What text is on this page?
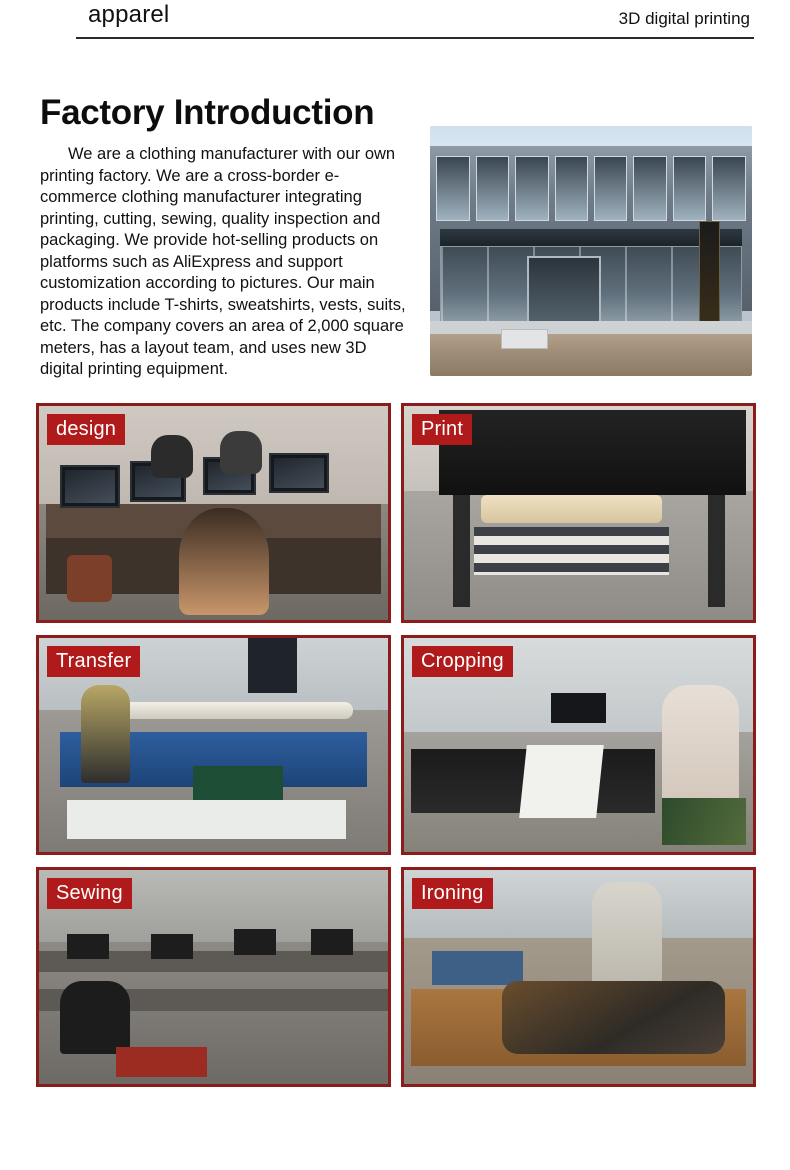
apparel	3D digital printing
Factory Introduction

We are a clothing manufacturer with our own printing factory. We are a cross-border e-commerce clothing manufacturer integrating printing, cutting, sewing, quality inspection and packaging. We provide hot-selling products on platforms such as AliExpress and support customization according to pictures. Our main products include T-shirts, sweatshirts, vests, suits, etc. The company covers an area of 2,000 square meters, has a layout team, and uses new 3D digital printing equipment.

design	Print
Transfer	Cropping
Sewing	Ironing
